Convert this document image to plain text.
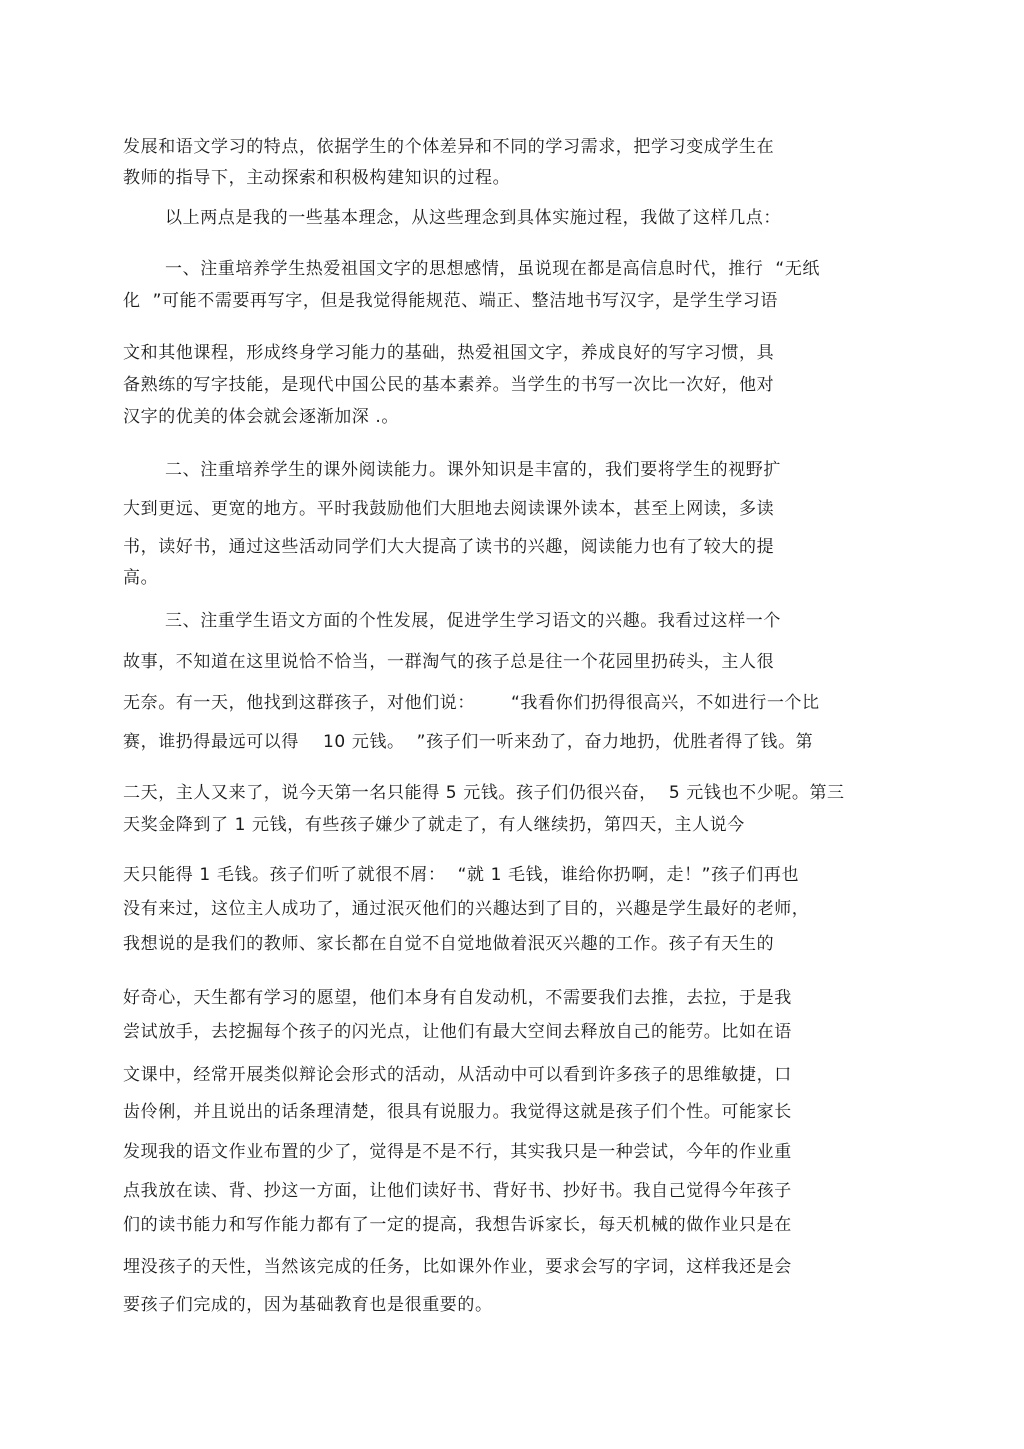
发展和语文学习的特点，依据学生的个体差异和不同的学习需求，把学习变成学生在
教师的指导下，主动探索和积极构建知识的过程。
以上两点是我的一些基本理念，从这些理念到具体实施过程，我做了这样几点：
一、注重培养学生热爱祖国文字的思想感情，虽说现在都是高信息时代，推行  “无纸
化  ”可能不需要再写字，但是我觉得能规范、端正、整洁地书写汉字，是学生学习语
文和其他课程，形成终身学习能力的基础，热爱祖国文字，养成良好的写字习惯，具
备熟练的写字技能，是现代中国公民的基本素养。当学生的书写一次比一次好，他对
汉字的优美的体会就会逐渐加深 .。
二、注重培养学生的课外阅读能力。课外知识是丰富的，我们要将学生的视野扩
大到更远、更宽的地方。平时我鼓励他们大胆地去阅读课外读本，甚至上网读，多读
书，读好书，通过这些活动同学们大大提高了读书的兴趣，阅读能力也有了较大的提
高。
三、注重学生语文方面的个性发展，促进学生学习语文的兴趣。我看过这样一个
故事，不知道在这里说恰不恰当，一群淘气的孩子总是往一个花园里扔砖头，主人很
无奈。有一天，他找到这群孩子，对他们说：      “我看你们扔得很高兴，不如进行一个比
赛，谁扔得最远可以得    10 元钱。  ”孩子们一听来劲了，奋力地扔，优胜者得了钱。第
二天，主人又来了，说今天第一名只能得 5 元钱。孩子们仍很兴奋，  5 元钱也不少呢。第三
天奖金降到了 1 元钱，有些孩子嫌少了就走了，有人继续扔，第四天，主人说今
天只能得 1 毛钱。孩子们听了就很不屑：  “就 1 毛钱，谁给你扔啊，走！”孩子们再也
没有来过，这位主人成功了，通过泯灭他们的兴趣达到了目的，兴趣是学生最好的老师，
我想说的是我们的教师、家长都在自觉不自觉地做着泯灭兴趣的工作。孩子有天生的
好奇心，天生都有学习的愿望，他们本身有自发动机，不需要我们去推，去拉，于是我
尝试放手，去挖掘每个孩子的闪光点，让他们有最大空间去释放自己的能劳。比如在语
文课中，经常开展类似辩论会形式的活动，从活动中可以看到许多孩子的思维敏捷，口
齿伶俐，并且说出的话条理清楚，很具有说服力。我觉得这就是孩子们个性。可能家长
发现我的语文作业布置的少了，觉得是不是不行，其实我只是一种尝试，今年的作业重
点我放在读、背、抄这一方面，让他们读好书、背好书、抄好书。我自己觉得今年孩子
们的读书能力和写作能力都有了一定的提高，我想告诉家长，每天机械的做作业只是在
埋没孩子的天性，当然该完成的任务，比如课外作业，要求会写的字词，这样我还是会
要孩子们完成的，因为基础教育也是很重要的。
